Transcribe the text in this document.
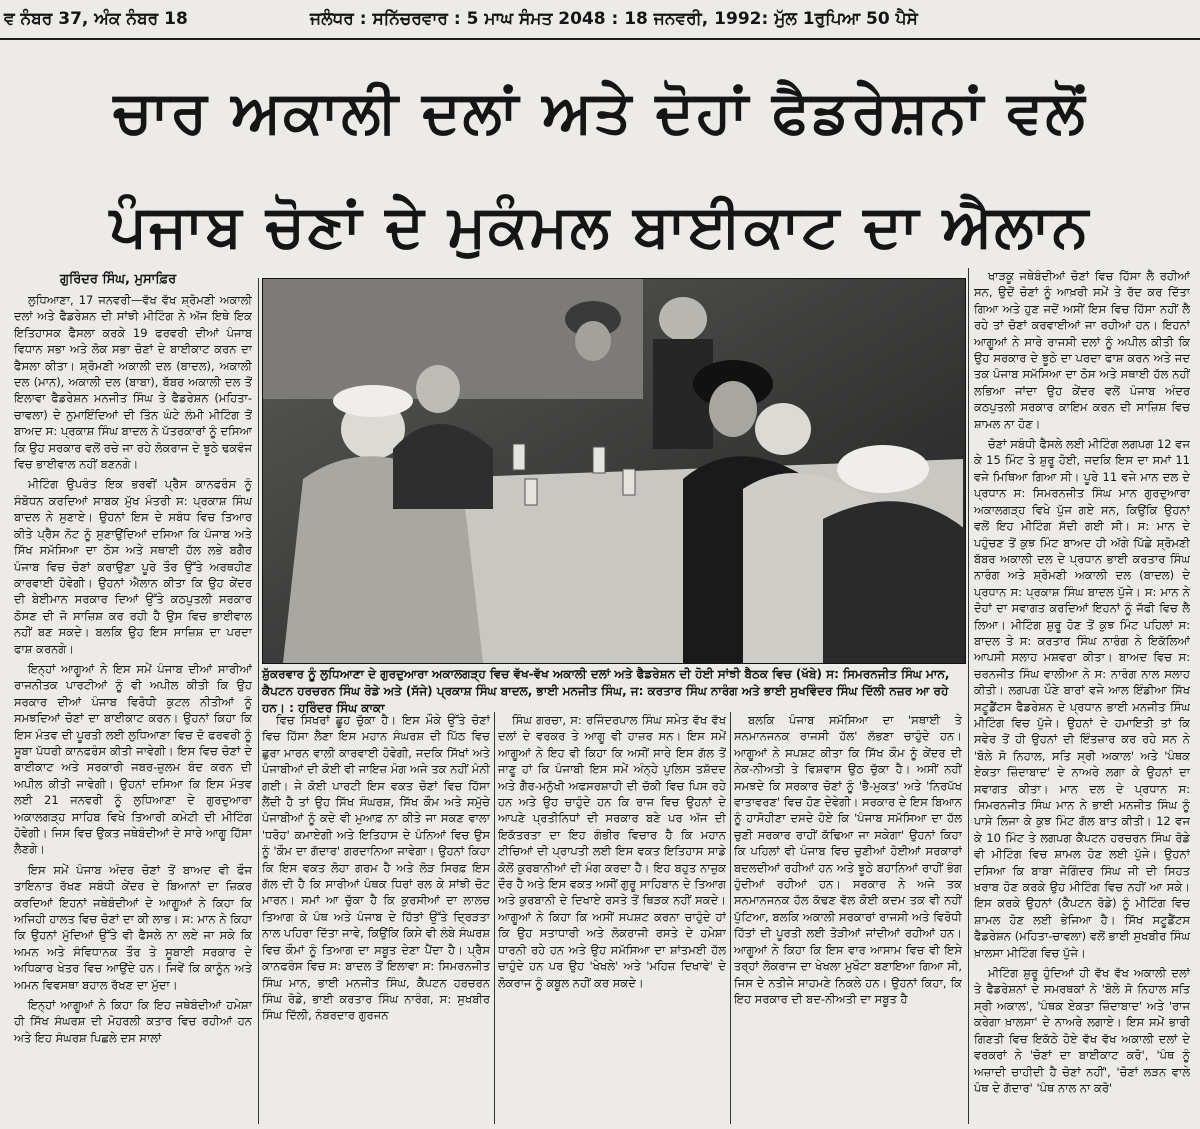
ਵ ਨੰਬਰ 37, ਅੰਕ ਨੰਬਰ 18	ਜਲੰਧਰ : ਸਨਿੱਚਰਵਾਰ : 5 ਮਾਘ ਸੰਮਤ 2048 : 18 ਜਨਵਰੀ, 1992: ਮੁੱਲ 1ਰੁਪਿਆ 50 ਪੈਸੇ
ਚਾਰ ਅਕਾਲੀ ਦਲਾਂ ਅਤੇ ਦੋਹਾਂ ਫੈਡਰੇਸ਼ਨਾਂ ਵਲੋਂ
ਪੰਜਾਬ ਚੋਣਾਂ ਦੇ ਮੁਕੰਮਲ ਬਾਈਕਾਟ ਦਾ ਐਲਾਨ
ਗੁਰਿੰਦਰ ਸਿੰਘ, ਮੁਸਾਫ਼ਿਰ

ਲੁਧਿਆਣਾ, 17 ਜਨਵਰੀ—ਵੱਖ ਵੱਖ ਸ਼੍ਰੋਮਣੀ ਅਕਾਲੀ ਦਲਾਂ ਅਤੇ ਫੈਡਰੇਸ਼ਨ ਦੀ ਸਾਂਝੀ ਮੀਟਿੰਗ ਨੇ ਅੱਜ ਇਥੇ ਇਕ ਇਤਿਹਾਸਕ ਫੈਸਲਾ ਕਰਕੇ 19 ਫਰਵਰੀ ਦੀਆਂ ਪੰਜਾਬ ਵਿਧਾਨ ਸਭਾ ਅਤੇ ਲੋਕ ਸਭਾ ਚੋਣਾਂ ਦੇ ਬਾਈਕਾਟ ਕਰਨ ਦਾ ਫੈਸਲਾ ਕੀਤਾ। ਸ਼੍ਰੋਮਣੀ ਅਕਾਲੀ ਦਲ (ਬਾਦਲ), ਅਕਾਲੀ ਦਲ (ਮਾਨ), ਅਕਾਲੀ ਦਲ (ਬਾਬਾ), ਬੱਬਰ ਅਕਾਲੀ ਦਲ ਤੋਂ ਇਲਾਵਾ ਫੈਡਰੇਸ਼ਨ ਮਨਜੀਤ ਸਿੰਘ ਤੇ ਫੈਡਰੇਸ਼ਨ (ਮਹਿਤਾ-ਚਾਵਲਾ) ਦੇ ਨੁਮਾਇੰਦਿਆਂ ਦੀ ਤਿੰਨ ਘੰਟੇ ਲੰਮੀ ਮੀਟਿੰਗ ਤੋਂ ਬਾਅਦ ਸ: ਪ੍ਰਕਾਸ਼ ਸਿੰਘ ਬਾਦਲ ਨੇ ਪੱਤਰਕਾਰਾਂ ਨੂੰ ਦਸਿਆ ਕਿ ਉਹ ਸਰਕਾਰ ਵਲੋਂ ਰਚੇ ਜਾ ਰਹੇ ਲੋਕਰਾਜ ਦੇ ਝੂਠੇ ਢਕਵੰਜ ਵਿਚ ਭਾਈਵਾਲ ਨਹੀਂ ਬਣਨਗੇ।

ਮੀਟਿੰਗ ਉਪਰੰਤ ਇਕ ਭਰਵੀਂ ਪ੍ਰੈਸ ਕਾਨਫਰੰਸ ਨੂੰ ਸੰਬੋਧਨ ਕਰਦਿਆਂ ਸਾਬਕ ਮੁੱਖ ਮੰਤਰੀ ਸ: ਪ੍ਰਕਾਸ਼ ਸਿੰਘ ਬਾਦਲ ਨੇ ਸੁਣਾਏ। ਉਹਨਾਂ ਇਸ ਦੇ ਸਬੰਧ ਵਿਚ ਤਿਆਰ ਕੀਤੇ ਪ੍ਰੈਸ ਨੋਟ ਨੂੰ ਸੁਣਾਉਂਦਿਆਂ ਦਸਿਆ ਕਿ ਪੰਜਾਬ ਅਤੇ ਸਿੱਖ ਸਮੱਸਿਆ ਦਾ ਠੋਸ ਅਤੇ ਸਥਾਈ ਹੱਲ ਲਭੇ ਬਗੈਰ ਪੰਜਾਬ ਵਿਚ ਚੋਣਾਂ ਕਰਾਉਣਾ ਪੂਰੇ ਤੌਰ ਉੱਤੇ ਅਰਥਹੀਣ ਕਾਰਵਾਈ ਹੋਵੇਗੀ। ਉਹਨਾਂ ਐਲਾਨ ਕੀਤਾ ਕਿ ਉਹ ਕੇਂਦਰ ਦੀ ਬੇਈਮਾਨ ਸਰਕਾਰ ਦਿਆਂ ਉੱਤੇ ਕਠਪੁਤਲੀ ਸਰਕਾਰ ਠੋਸਣ ਦੀ ਜੋ ਸਾਜ਼ਿਸ਼ ਕਰ ਰਹੀ ਹੈ ਉਸ ਵਿਚ ਭਾਈਵਾਲ ਨਹੀਂ ਬਣ ਸਕਦੇ। ਬਲਕਿ ਉਹ ਇਸ ਸਾਜ਼ਿਸ਼ ਦਾ ਪਰਦਾ ਫਾਸ਼ ਕਰਨਗੇ।

ਇਨ੍ਹਾਂ ਆਗੂਆਂ ਨੇ ਇਸ ਸਮੇਂ ਪੰਜਾਬ ਦੀਆਂ ਸਾਰੀਆਂ ਰਾਜਨੀਤਕ ਪਾਰਟੀਆਂ ਨੂੰ ਵੀ ਅਪੀਲ ਕੀਤੀ ਕਿ ਉਹ ਸਰਕਾਰ ਦੀਆਂ ਪੰਜਾਬ ਵਿਰੋਧੀ ਕੁਟਲ ਨੀਤੀਆਂ ਨੂੰ ਸਮਝਦਿਆਂ ਚੋਣਾਂ ਦਾ ਬਾਈਕਾਟ ਕਰਨ। ਉਹਨਾਂ ਕਿਹਾ ਕਿ ਇਸ ਮੰਤਵ ਦੀ ਪੂਰਤੀ ਲਈ ਲੁਧਿਆਣਾ ਵਿਚ ਦੋ ਫਰਵਰੀ ਨੂੰ ਸੂਬਾ ਪੱਧਰੀ ਕਾਨਫਰੰਸ ਕੀਤੀ ਜਾਵੇਗੀ। ਇਸ ਵਿਚ ਚੋਣਾਂ ਦੇ ਬਾਈਕਾਟ ਅਤੇ ਸਰਕਾਰੀ ਜਬਰ-ਜ਼ੁਲਮ ਬੰਦ ਕਰਨ ਦੀ ਅਪੀਲ ਕੀਤੀ ਜਾਵੇਗੀ। ਉਹਨਾਂ ਦਸਿਆ ਕਿ ਇਸ ਮੰਤਵ ਲਈ 21 ਜਨਵਰੀ ਨੂੰ ਲੁਧਿਆਣਾ ਦੇ ਗੁਰਦੁਆਰਾ ਅਕਾਲਗੜ੍ਹ ਸਾਹਿਬ ਵਿਖੇ ਤਿਆਰੀ ਕਮੇਟੀ ਦੀ ਮੀਟਿੰਗ ਹੋਵੇਗੀ। ਜਿਸ ਵਿਚ ਉਕਤ ਜਥੇਬੰਦੀਆਂ ਦੇ ਸਾਰੇ ਆਗੂ ਹਿੱਸਾ ਲੈਣਗੇ।

ਇਸ ਸਮੇਂ ਪੰਜਾਬ ਅੰਦਰ ਚੋਣਾਂ ਤੋਂ ਬਾਅਦ ਵੀ ਫੌਜ ਤਾਇਨਾਤ ਰੱਖਣ ਸਬੰਧੀ ਕੇਂਦਰ ਦੇ ਬਿਆਨਾਂ ਦਾ ਜ਼ਿਕਰ ਕਰਦਿਆਂ ਇਹਨਾਂ ਜਥੇਬੰਦੀਆਂ ਦੇ ਆਗੂਆਂ ਨੇ ਕਿਹਾ ਕਿ ਅਜਿਹੀ ਹਾਲਤ ਵਿਚ ਚੋਣਾਂ ਦਾ ਕੀ ਲਾਭ। ਸ: ਮਾਨ ਨੇ ਕਿਹਾ ਕਿ ਉਹਨਾਂ ਮੁੱਦਿਆਂ ਉੱਤੇ ਵੀ ਫੈਸਲੇ ਨਾ ਲਏ ਜਾ ਸਕੇ ਕਿ ਅਮਨ ਅਤੇ ਸੰਵਿਧਾਨਕ ਤੌਰ ਤੇ ਸੂਬਾਈ ਸਰਕਾਰ ਦੇ ਅਧਿਕਾਰ ਖੇਤਰ ਵਿਚ ਆਉਂਦੇ ਹਨ। ਜਿਵੇਂ ਕਿ ਕਾਨੂੰਨ ਅਤੇ ਅਮਨ ਵਿਵਸਥਾ ਬਹਾਲ ਰੱਖਣ ਦਾ ਮੁੱਦਾ।

ਇਨ੍ਹਾਂ ਆਗੂਆਂ ਨੇ ਕਿਹਾ ਕਿ ਇਹ ਜਥੇਬੰਦੀਆਂ ਹਮੇਸ਼ਾ ਹੀ ਸਿੱਖ ਸੰਘਰਸ਼ ਦੀ ਮੋਹਰਲੀ ਕਤਾਰ ਵਿਚ ਰਹੀਆਂ ਹਨ ਅਤੇ ਇਹ ਸੰਘਰਸ਼ ਪਿਛਲੇ ਦਸ ਸਾਲਾਂ

ਸ਼ੁੱਕਰਵਾਰ ਨੂੰ ਲੁਧਿਆਣਾ ਦੇ ਗੁਰਦੁਆਰਾ ਅਕਾਲਗੜ੍ਹ ਵਿਚ ਵੱਖ-ਵੱਖ ਅਕਾਲੀ ਦਲਾਂ ਅਤੇ ਫੈਡਰੇਸ਼ਨ ਦੀ ਹੋਈ ਸਾਂਝੀ ਬੈਠਕ ਵਿਚ (ਖੱਬੇ) ਸ: ਸਿਮਰਨਜੀਤ ਸਿੰਘ ਮਾਨ, ਕੈਪਟਨ ਹਰਚਰਨ ਸਿੰਘ ਰੋਡੇ ਅਤੇ (ਸੱਜੇ) ਪ੍ਰਕਾਸ਼ ਸਿੰਘ ਬਾਦਲ, ਭਾਈ ਮਨਜੀਤ ਸਿੰਘ, ਜ: ਕਰਤਾਰ ਸਿੰਘ ਨਾਰੰਗ ਅਤੇ ਭਾਈ ਸੁਖਵਿੰਦਰ ਸਿੰਘ ਦਿੱਲੀ ਨਜ਼ਰ ਆ ਰਹੇ ਹਨ। : ਹਰਿੰਦਰ ਸਿੰਘ ਕਾਕਾ

ਖਾੜਕੂ ਜਥੇਬੰਦੀਆਂ ਚੋਣਾਂ ਵਿਚ ਹਿੱਸਾ ਲੈ ਰਹੀਆਂ ਸਨ, ਉਦੋਂ ਚੋਣਾਂ ਨੂੰ ਆਖ਼ਰੀ ਸਮੇਂ ਤੇ ਰੱਦ ਕਰ ਦਿੱਤਾ ਗਿਆ ਅਤੇ ਹੁਣ ਜਦੋਂ ਅਸੀਂ ਇਸ ਵਿਚ ਹਿੱਸਾ ਨਹੀਂ ਲੈ ਰਹੇ ਤਾਂ ਚੋਣਾਂ ਕਰਵਾਈਆਂ ਜਾ ਰਹੀਆਂ ਹਨ। ਇਹਨਾਂ ਆਗੂਆਂ ਨੇ ਸਾਰੇ ਰਾਜਸੀ ਦਲਾਂ ਨੂੰ ਅਪੀਲ ਕੀਤੀ ਕਿ ਉਹ ਸਰਕਾਰ ਦੇ ਝੂਠੇ ਦਾ ਪਰਦਾ ਫਾਸ਼ ਕਰਨ ਅਤੇ ਜਦ ਤਕ ਪੰਜਾਬ ਸਮੱਸਿਆ ਦਾ ਠੋਸ ਅਤੇ ਸਥਾਈ ਹੱਲ ਨਹੀਂ ਲਭਿਆ ਜਾਂਦਾ ਉਹ ਕੇਂਦਰ ਵਲੋਂ ਪੰਜਾਬ ਅੰਦਰ ਕਠਪੁਤਲੀ ਸਰਕਾਰ ਕਾਇਮ ਕਰਨ ਦੀ ਸਾਜ਼ਿਸ਼ ਵਿਚ ਸ਼ਾਮਲ ਨਾ ਹੋਣ।

ਚੋਣਾਂ ਸਬੰਧੀ ਫੈਸਲੇ ਲਈ ਮੀਟਿੰਗ ਲਗਪਗ 12 ਵਜ ਕੇ 15 ਮਿੰਟ ਤੇ ਸ਼ੁਰੂ ਹੋਈ, ਜਦਕਿ ਇਸ ਦਾ ਸਮਾਂ 11 ਵਜੇ ਮਿਥਿਆ ਗਿਆ ਸੀ। ਪੂਰੇ 11 ਵਜੇ ਮਾਨ ਦਲ ਦੇ ਪ੍ਰਧਾਨ ਸ: ਸਿਮਰਨਜੀਤ ਸਿੰਘ ਮਾਨ ਗੁਰਦੁਆਰਾ ਅਕਾਲਗੜ੍ਹ ਵਿਖੇ ਪੁੱਜ ਗਏ ਸਨ, ਕਿਉਂਕਿ ਉਹਨਾਂ ਵਲੋਂ ਇਹ ਮੀਟਿੰਗ ਸੱਦੀ ਗਈ ਸੀ। ਸ: ਮਾਨ ਦੇ ਪਹੁੰਚਣ ਤੋਂ ਕੁਝ ਮਿੰਟ ਬਾਅਦ ਹੀ ਅੱਗੇ ਪਿੱਛੇ ਸ਼੍ਰੋਮਣੀ ਬੱਬਰ ਅਕਾਲੀ ਦਲ ਦੇ ਪ੍ਰਧਾਨ ਭਾਈ ਕਰਤਾਰ ਸਿੰਘ ਨਾਰੰਗ ਅਤੇ ਸ਼੍ਰੋਮਣੀ ਅਕਾਲੀ ਦਲ (ਬਾਦਲ) ਦੇ ਪ੍ਰਧਾਨ ਸ: ਪ੍ਰਕਾਸ਼ ਸਿੰਘ ਬਾਦਲ ਪੁੱਜੇ। ਸ: ਮਾਨ ਨੇ ਦੋਹਾਂ ਦਾ ਸਵਾਗਤ ਕਰਦਿਆਂ ਇਹਨਾਂ ਨੂੰ ਜੱਫੀ ਵਿਚ ਲੈ ਲਿਆ। ਮੀਟਿੰਗ ਸ਼ੁਰੂ ਹੋਣ ਤੋਂ ਕੁਝ ਮਿੰਟ ਪਹਿਲਾਂ ਸ: ਬਾਦਲ ਤੇ ਸ: ਕਰਤਾਰ ਸਿੰਘ ਨਾਰੰਗ ਨੇ ਇਕੱਲਿਆਂ ਆਪਸੀ ਸਲਾਹ ਮਸ਼ਵਰਾ ਕੀਤਾ। ਬਾਅਦ ਵਿਚ ਸ: ਚਰਨਜੀਤ ਸਿੰਘ ਵਾਲੀਆ ਨੇ ਸ: ਨਾਰੰਗ ਨਾਲ ਸਲਾਹ ਕੀਤੀ। ਲਗਪਗ ਪੌਣੇ ਬਾਰਾਂ ਵਜੇ ਆਲ ਇੰਡੀਆ ਸਿੱਖ ਸਟੂਡੈਂਟਸ ਫੈਡਰੇਸ਼ਨ ਦੇ ਪ੍ਰਧਾਨ ਭਾਈ ਮਨਜੀਤ ਸਿੰਘ ਮੀਟਿੰਗ ਵਿਚ ਪੁੱਜੇ। ਉਹਨਾਂ ਦੇ ਹਮਾਇਤੀ ਤਾਂ ਕਿ ਸਵੇਰ ਤੋਂ ਹੀ ਉਹਨਾਂ ਦੀ ਇੰਤਜ਼ਾਰ ਕਰ ਰਹੇ ਸਨ ਨੇ 'ਬੋਲੇ ਸੋ ਨਿਹਾਲ, ਸਤਿ ਸ੍ਰੀ ਅਕਾਲ' ਅਤੇ 'ਪੰਥਕ ਏਕਤਾ ਜ਼ਿੰਦਾਬਾਦ' ਦੇ ਨਾਅਰੇ ਲਗਾ ਕੇ ਉਹਨਾਂ ਦਾ ਸਵਾਗਤ ਕੀਤਾ। ਮਾਨ ਦਲ ਦੇ ਪ੍ਰਧਾਨ ਸ: ਸਿਮਰਨਜੀਤ ਸਿੰਘ ਮਾਨ ਨੇ ਭਾਈ ਮਨਜੀਤ ਸਿੰਘ ਨੂੰ ਪਾਸੇ ਲਿਜਾ ਕੇ ਕੁਝ ਮਿੰਟ ਗੱਲ ਬਾਤ ਕੀਤੀ। 12 ਵਜ ਕੇ 10 ਮਿੰਟ ਤੇ ਲਗਪਗ ਕੈਪਟਨ ਹਰਚਰਨ ਸਿੰਘ ਰੋਡੇ ਵੀ ਮੀਟਿੰਗ ਵਿਚ ਸ਼ਾਮਲ ਹੋਣ ਲਈ ਪੁੱਜੇ। ਉਹਨਾਂ ਦਸਿਆ ਕਿ ਬਾਬਾ ਜੋਗਿੰਦਰ ਸਿੰਘ ਜੀ ਦੀ ਸਿਹਤ ਖ਼ਰਾਬ ਹੋਣ ਕਰਕੇ ਉਹ ਮੀਟਿੰਗ ਵਿਚ ਨਹੀਂ ਆ ਸਕੇ। ਇਸ ਕਰਕੇ ਉਹਨਾਂ (ਕੈਪਟਨ ਰੋਡੇ) ਨੂੰ ਮੀਟਿੰਗ ਵਿਚ ਸ਼ਾਮਲ ਹੋਣ ਲਈ ਭੇਜਿਆ ਹੈ। ਸਿੱਖ ਸਟੂਡੈਂਟਸ ਫੈਡਰੇਸ਼ਨ (ਮਹਿਤਾ-ਚਾਵਲਾ) ਵਲੋਂ ਭਾਈ ਸੁਖਬੀਰ ਸਿੰਘ ਖ਼ਾਲਸਾ ਮੀਟਿੰਗ ਵਿਚ ਪੁੱਜੇ।

ਮੀਟਿੰਗ ਸ਼ੁਰੂ ਹੁੰਦਿਆਂ ਹੀ ਵੱਖ ਵੱਖ ਅਕਾਲੀ ਦਲਾਂ ਤੇ ਫੈਡਰੇਸ਼ਨਾਂ ਦੇ ਸਮਰਥਕਾਂ ਨੇ 'ਬੋਲੇ ਸੋ ਨਿਹਾਲ ਸਤਿ ਸ੍ਰੀ ਅਕਾਲ', 'ਪੰਥਕ ਏਕਤਾ ਜ਼ਿੰਦਾਬਾਦ' ਅਤੇ 'ਰਾਜ ਕਰੇਗਾ ਖ਼ਾਲਸਾ' ਦੇ ਨਾਅਰੇ ਲਗਾਏ। ਇਸ ਸਮੇਂ ਭਾਰੀ ਗਿਣਤੀ ਵਿਚ ਇਕੱਠੇ ਹੋਏ ਵੱਖ ਵੱਖ ਅਕਾਲੀ ਦਲਾਂ ਦੇ ਵਰਕਰਾਂ ਨੇ 'ਚੋਣਾਂ ਦਾ ਬਾਈਕਾਟ ਕਰੋ', 'ਪੰਥ ਨੂੰ ਅਜ਼ਾਦੀ ਚਾਹੀਦੀ ਹੈ ਚੋਣਾਂ ਨਹੀਂ', 'ਚੋਣਾਂ ਲੜਨ ਵਾਲੇ ਪੰਥ ਦੇ ਗੱਦਾਰ' 'ਪੰਥ ਨਾਲ ਨਾ ਕਰੋ'

ਵਿਚ ਸਿਖਰਾਂ ਛੂਹ ਚੁੱਕਾ ਹੈ। ਇਸ ਮੌਕੇ ਉੱਤੇ ਚੋਣਾਂ ਵਿਚ ਹਿੱਸਾ ਲੈਣਾ ਇਸ ਮਹਾਨ ਸੰਘਰਸ਼ ਦੀ ਪਿੱਠ ਵਿਚ ਛੁਰਾ ਮਾਰਨ ਵਾਲੀ ਕਾਰਵਾਈ ਹੋਵੇਗੀ, ਜਦਕਿ ਸਿੱਖਾਂ ਅਤੇ ਪੰਜਾਬੀਆਂ ਦੀ ਕੋਈ ਵੀ ਜਾਇਜ਼ ਮੰਗ ਅਜੇ ਤਕ ਨਹੀਂ ਮੰਨੀ ਗਈ। ਜੇ ਕੋਈ ਪਾਰਟੀ ਇਸ ਵਕਤ ਚੋਣਾਂ ਵਿਚ ਹਿੱਸਾ ਲੈਂਦੀ ਹੈ ਤਾਂ ਉਹ ਸਿੱਖ ਸੰਘਰਸ਼, ਸਿੱਖ ਕੌਮ ਅਤੇ ਸਮੁੱਚੇ ਪੰਜਾਬੀਆਂ ਨੂੰ ਕਦੇ ਵੀ ਮੁਆਫ਼ ਨਾ ਕੀਤੇ ਜਾ ਸਕਣ ਵਾਲਾ 'ਧਰੋਹ' ਕਮਾਏਗੀ ਅਤੇ ਇਤਿਹਾਸ ਦੇ ਪੰਨਿਆਂ ਵਿਚ ਉਸ ਨੂੰ 'ਕੌਮ ਦਾ ਗੱਦਾਰ' ਗਰਦਾਨਿਆ ਜਾਵੇਗਾ। ਉਹਨਾਂ ਕਿਹਾ ਕਿ ਇਸ ਵਕਤ ਲੋਹਾ ਗਰਮ ਹੈ ਅਤੇ ਲੋੜ ਸਿਰਫ਼ ਇਸ ਗੱਲ ਦੀ ਹੈ ਕਿ ਸਾਰੀਆਂ ਪੰਥਕ ਧਿਰਾਂ ਰਲ ਕੇ ਸਾਂਝੀ ਚੋਟ ਮਾਰਨ। ਸਮਾਂ ਆ ਚੁੱਕਾ ਹੈ ਕਿ ਕੁਰਸੀਆਂ ਦਾ ਲਾਲਚ ਤਿਆਗ ਕੇ ਪੰਥ ਅਤੇ ਪੰਜਾਬ ਦੇ ਹਿੱਤਾਂ ਉੱਤੇ ਦ੍ਰਿੜਤਾ ਨਾਲ ਪਹਿਰਾ ਦਿੱਤਾ ਜਾਵੇ, ਕਿਉਂਕਿ ਕਿਸੇ ਵੀ ਲੰਬੇ ਸੰਘਰਸ਼ ਵਿਚ ਕੌਮਾਂ ਨੂੰ ਤਿਆਗ ਦਾ ਸਬੂਤ ਦੇਣਾ ਪੈਂਦਾ ਹੈ। ਪ੍ਰੈਸ ਕਾਨਫਰੰਸ ਵਿਚ ਸ: ਬਾਦਲ ਤੋਂ ਇਲਾਵਾ ਸ: ਸਿਮਰਨਜੀਤ ਸਿੰਘ ਮਾਨ, ਭਾਈ ਮਨਜੀਤ ਸਿੰਘ, ਕੈਪਟਨ ਹਰਚਰਨ ਸਿੰਘ ਰੋਡੇ, ਭਾਈ ਕਰਤਾਰ ਸਿੰਘ ਨਾਰੰਗ, ਸ: ਸੁਖਬੀਰ ਸਿੰਘ ਦਿੱਲੀ, ਨੰਬਰਦਾਰ ਗੁਰਜਨ

ਸਿੰਘ ਗਰਚਾ, ਸ: ਰਜਿੰਦਰਪਾਲ ਸਿੰਘ ਸਮੇਤ ਵੱਖ ਵੱਖ ਦਲਾਂ ਦੇ ਵਰਕਰ ਤੇ ਆਗੂ ਵੀ ਹਾਜ਼ਰ ਸਨ। ਇਸ ਸਮੇਂ ਆਗੂਆਂ ਨੇ ਇਹ ਵੀ ਕਿਹਾ ਕਿ ਅਸੀਂ ਸਾਰੇ ਇਸ ਗੱਲ ਤੋਂ ਜਾਣੂ ਹਾਂ ਕਿ ਪੰਜਾਬੀ ਇਸ ਸਮੇਂ ਅੰਨ੍ਹੇ ਪੁਲਿਸ ਤਸ਼ੱਦਦ ਅਤੇ ਗੈਰ-ਮਨੁੱਖੀ ਅਫਸਰਸ਼ਾਹੀ ਦੀ ਚੱਕੀ ਵਿਚ ਪਿਸ ਰਹੇ ਹਨ ਅਤੇ ਉਹ ਚਾਹੁੰਦੇ ਹਨ ਕਿ ਰਾਜ ਵਿਚ ਉਹਨਾਂ ਦੇ ਆਪਣੇ ਪ੍ਰਤੀਨਿਧਾਂ ਦੀ ਸਰਕਾਰ ਬਣੇ ਪਰ ਅੱਜ ਦੀ ਇਕੱਤਰਤਾ ਦਾ ਇਹ ਗੰਭੀਰ ਵਿਚਾਰ ਹੈ ਕਿ ਮਹਾਨ ਟੀਚਿਆਂ ਦੀ ਪ੍ਰਾਪਤੀ ਲਈ ਇਸ ਵਕਤ ਇਤਿਹਾਸ ਸਾਡੇ ਕੋਲੋਂ ਕੁਰਬਾਨੀਆਂ ਦੀ ਮੰਗ ਕਰਦਾ ਹੈ। ਇਹ ਬਹੁਤ ਨਾਜ਼ੁਕ ਦੌਰ ਹੈ ਅਤੇ ਇਸ ਵਕਤ ਅਸੀਂ ਗੁਰੂ ਸਾਹਿਬਾਨ ਦੇ ਤਿਆਗ ਅਤੇ ਕੁਰਬਾਨੀ ਦੇ ਦਿਖਾਏ ਰਸਤੇ ਤੋਂ ਥਿੜਕ ਨਹੀਂ ਸਕਦੇ। ਆਗੂਆਂ ਨੇ ਕਿਹਾ ਕਿ ਅਸੀਂ ਸਪਸ਼ਟ ਕਰਨਾ ਚਾਹੁੰਦੇ ਹਾਂ ਕਿ ਉਹ ਸਤਾਧਾਰੀ ਅਤੇ ਲੋਕਰਾਜੀ ਰਸਤੇ ਦੇ ਹਮੇਸ਼ਾ ਧਾਰਨੀ ਰਹੇ ਹਨ ਅਤੇ ਉਹ ਸਮੱਸਿਆ ਦਾ ਸ਼ਾਂਤਮਈ ਹੱਲ ਚਾਹੁੰਦੇ ਹਨ ਪਰ ਉਹ 'ਖੇਖਲੇ' ਅਤੇ 'ਮਹਿਜ਼ ਦਿਖਾਵੇ' ਦੇ ਲੋਕਰਾਜ ਨੂੰ ਕਬੂਲ ਨਹੀਂ ਕਰ ਸਕਦੇ।

ਬਲਕਿ ਪੰਜਾਬ ਸਮੱਸਿਆ ਦਾ 'ਸਥਾਈ ਤੇ ਸਨਮਾਨਜਨਕ ਰਾਜਸੀ ਹੱਲ' ਲੱਭਣਾ ਚਾਹੁੰਦੇ ਹਨ। ਆਗੂਆਂ ਨੇ ਸਪਸ਼ਟ ਕੀਤਾ ਕਿ ਸਿੱਖ ਕੌਮ ਨੂੰ ਕੇਂਦਰ ਦੀ ਨੇਕ-ਨੀਅਤੀ ਤੇ ਵਿਸ਼ਵਾਸ ਉਠ ਚੁੱਕਾ ਹੈ। ਅਸੀਂ ਨਹੀਂ ਸਮਝਦੇ ਕਿ ਸਰਕਾਰ ਚੋਣਾਂ ਨੂੰ 'ਭੈ-ਮੁਕਤ' ਅਤੇ 'ਨਿਰਪੱਖ ਵਾਤਾਵਰਣ' ਵਿਚ ਹੋਣ ਦੇਵੇਗੀ। ਸਰਕਾਰ ਦੇ ਇਸ ਬਿਆਨ ਨੂੰ ਹਾਸੋਹੀਣਾ ਦਸਦੇ ਹੋਏ ਕਿ 'ਪੰਜਾਬ ਸਮੱਸਿਆ ਦਾ ਹੱਲ ਚੁਣੀ ਸਰਕਾਰ ਰਾਹੀਂ ਕੱਢਿਆ ਜਾ ਸਕੇਗਾ' ਉਹਨਾਂ ਕਿਹਾ ਕਿ ਪਹਿਲਾਂ ਵੀ ਪੰਜਾਬ ਵਿਚ ਚੁਣੀਆਂ ਹੋਈਆਂ ਸਰਕਾਰਾਂ ਬਦਲਦੀਆਂ ਰਹੀਆਂ ਹਨ ਅਤੇ ਝੂਠੇ ਬਹਾਨਿਆਂ ਰਾਹੀਂ ਭੰਗ ਹੁੰਦੀਆਂ ਰਹੀਆਂ ਹਨ। ਸਰਕਾਰ ਨੇ ਅਜੇ ਤਕ ਸਨਮਾਨਜਨਕ ਹੱਲ ਕੱਢਣ ਵੱਲ ਕੋਈ ਕਦਮ ਤਕ ਵੀ ਨਹੀਂ ਪੁੱਟਿਆ, ਬਲਕਿ ਅਕਾਲੀ ਸਰਕਾਰਾਂ ਰਾਜਸੀ ਅਤੇ ਵਿਰੋਧੀ ਹਿੱਤਾਂ ਦੀ ਪੂਰਤੀ ਲਈ ਤੋੜੀਆਂ ਜਾਂਦੀਆਂ ਰਹੀਆਂ ਹਨ। ਆਗੂਆਂ ਨੇ ਕਿਹਾ ਕਿ ਇਸ ਵਾਰ ਆਸਾਮ ਵਿਚ ਵੀ ਇਸੇ ਤਰ੍ਹਾਂ ਲੋਕਰਾਜ ਦਾ ਖੇਖਲਾ ਮੁਖੌਟਾ ਬਣਾਇਆ ਗਿਆ ਸੀ, ਜਿਸ ਦੇ ਨਤੀਜੇ ਸਾਹਮਣੇ ਨਿਕਲੇ ਹਨ। ਉਹਨਾਂ ਕਿਹਾ, ਕਿ ਇਹ ਸਰਕਾਰ ਦੀ ਬਦ-ਨੀਅਤੀ ਦਾ ਸਬੂਤ ਹੈ
